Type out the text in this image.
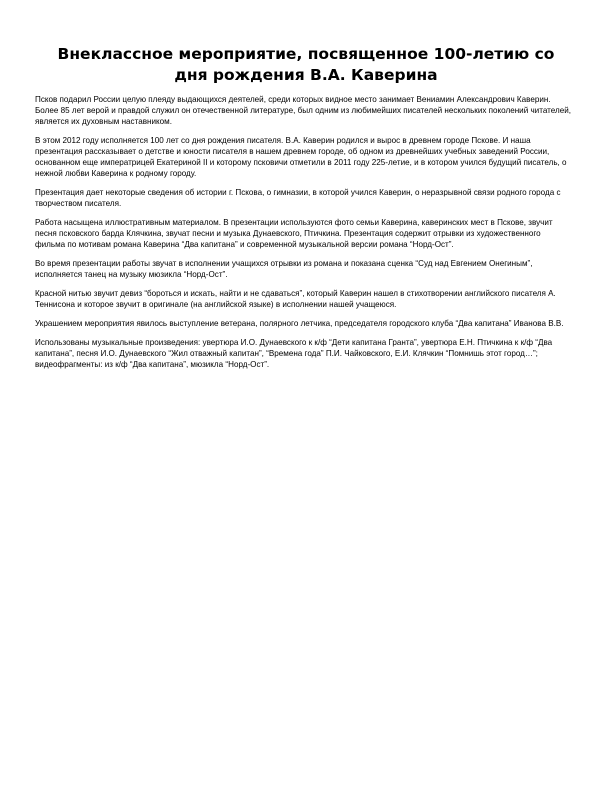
Внеклассное мероприятие, посвященное 100-летию со дня рождения В.А. Каверина

Псков подарил России целую плеяду выдающихся деятелей, среди которых видное место занимает Вениамин Александрович Каверин. Более 85 лет верой и правдой служил он отечественной литературе, был одним из любимейших писателей нескольких поколений читателей, является их духовным наставником.

В этом 2012 году исполняется 100 лет со дня рождения писателя. В.А. Каверин родился и вырос в древнем городе Пскове. И наша презентация рассказывает о детстве и юности писателя в нашем древнем городе, об одном из древнейших учебных заведений России, основанном еще императрицей Екатериной II и которому псковичи отметили в 2011 году 225-летие, и в котором учился будущий писатель, о нежной любви Каверина к родному городу.

Презентация дает некоторые сведения об истории г. Пскова, о гимназии, в которой учился Каверин, о неразрывной связи родного города с творчеством писателя.

Работа насыщена иллюстративным материалом. В презентации используются фото семьи Каверина, каверинских мест в Пскове, звучит песня псковского барда Клячкина, звучат песни и музыка Дунаевского, Птичкина. Презентация содержит отрывки из художественного фильма по мотивам романа Каверина “Два капитана” и современной музыкальной версии романа “Норд-Ост”.

Во время презентации работы звучат в исполнении учащихся отрывки из романа и показана сценка “Суд над Евгением Онегиным”, исполняется танец на музыку мюзикла “Норд-Ост”.

Красной нитью звучит девиз “бороться и искать, найти и не сдаваться”, который Каверин нашел в стихотворении английского писателя А. Теннисона и которое звучит в оригинале (на английской языке) в исполнении нашей учащеюся.

Украшением мероприятия явилось выступление ветерана, полярного летчика, председателя городского клуба “Два капитана” Иванова В.В.

Использованы музыкальные произведения: увертюра И.О. Дунаевского к к/ф “Дети капитана Гранта”, увертюра Е.Н. Птичкина к к/ф “Два капитана”, песня И.О. Дунаевского “Жил отважный капитан”, “Времена года” П.И. Чайковского, Е.И. Клячкин “Помнишь этот город…”; видеофрагменты: из к/ф “Два капитана”, мюзикла “Норд-Ост”.
